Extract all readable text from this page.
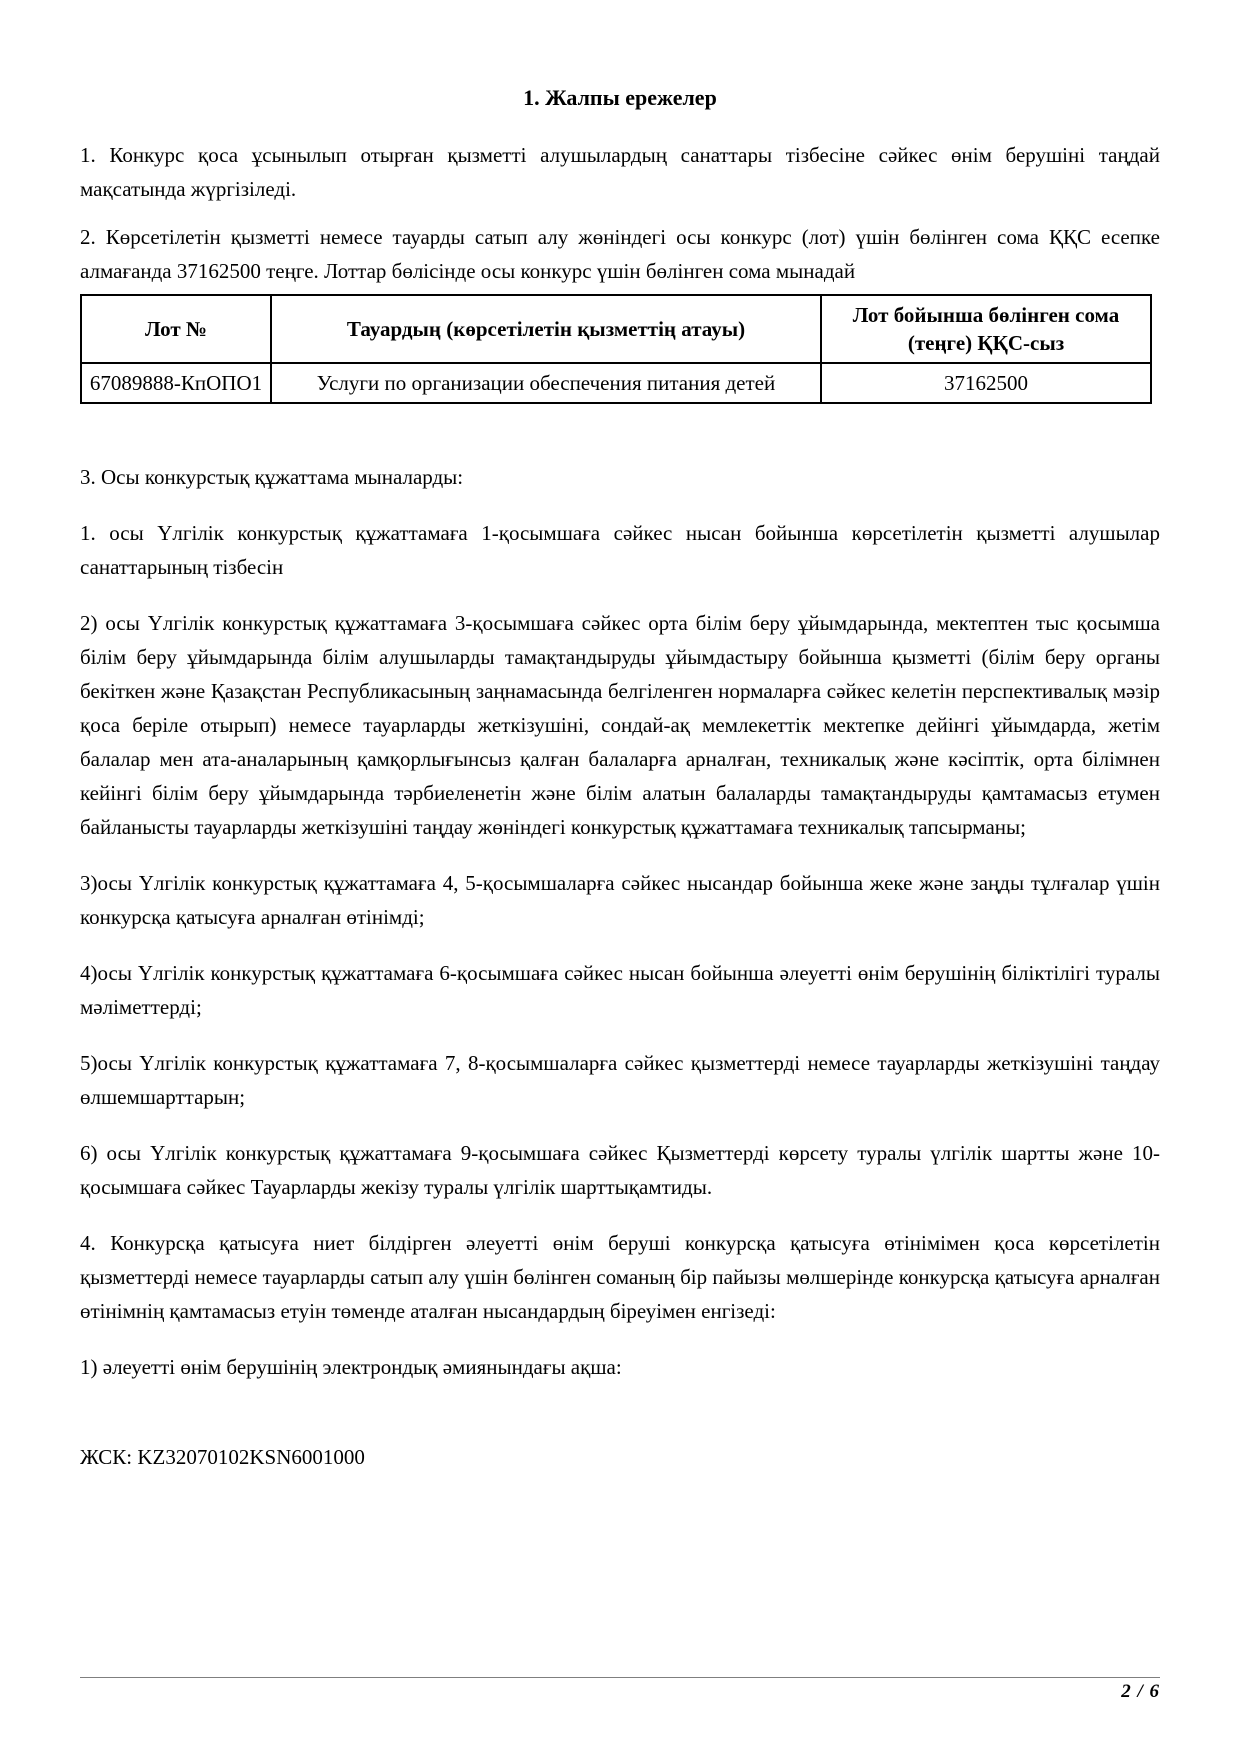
1. Жалпы ережелер

1. Конкурс қоса ұсынылып отырған қызметті алушылардың санаттары тізбесіне сәйкес өнім берушіні таңдай мақсатында жүргізіледі.

2. Көрсетілетін қызметті немесе тауарды сатып алу жөніндегі осы конкурс (лот) үшін бөлінген сома ҚҚС есепке алмағанда 37162500 теңге. Лоттар бөлісінде осы конкурс үшін бөлінген сома мынадай

Лот №	Тауардың (көрсетілетін қызметтің атауы)	Лот бойынша бөлінген сома (теңге) ҚҚС-сыз
67089888-КпОПО1	Услуги по организации обеспечения питания детей	37162500

3. Осы конкурстық құжаттама мыналарды:

1. осы Үлгілік конкурстық құжаттамаға 1-қосымшаға сәйкес нысан бойынша көрсетілетін қызметті алушылар санаттарының тізбесін

2) осы Үлгілік конкурстық құжаттамаға 3-қосымшаға сәйкес орта білім беру ұйымдарында, мектептен тыс қосымша білім беру ұйымдарында білім алушыларды тамақтандыруды ұйымдастыру бойынша қызметті (білім беру органы бекіткен және Қазақстан Республикасының заңнамасында белгіленген нормаларға сәйкес келетін перспективалық мәзір қоса беріле отырып) немесе тауарларды жеткізушіні, сондай-ақ мемлекеттік мектепке дейінгі ұйымдарда, жетім балалар мен ата-аналарының қамқорлығынсыз қалған балаларға арналған, техникалық және кәсіптік, орта білімнен кейінгі білім беру ұйымдарында тәрбиеленетін және білім алатын балаларды тамақтандыруды қамтамасыз етумен байланысты тауарларды жеткізушіні таңдау жөніндегі конкурстық құжаттамаға техникалық тапсырманы;

3)осы Үлгілік конкурстық құжаттамаға 4, 5-қосымшаларға сәйкес нысандар бойынша жеке және заңды тұлғалар үшін конкурсқа қатысуға арналған өтінімді;

4)осы Үлгілік конкурстық құжаттамаға 6-қосымшаға сәйкес нысан бойынша әлеуетті өнім берушінің біліктілігі туралы мәліметтерді;

5)осы Үлгілік конкурстық құжаттамаға 7, 8-қосымшаларға сәйкес қызметтерді немесе тауарларды жеткізушіні таңдау өлшемшарттарын;

6) осы Үлгілік конкурстық құжаттамаға 9-қосымшаға сәйкес Қызметтерді көрсету туралы үлгілік шартты және 10-қосымшаға сәйкес Тауарларды жекізу туралы үлгілік шарттықамтиды.

4. Конкурсқа қатысуға ниет білдірген әлеуетті өнім беруші конкурсқа қатысуға өтінімімен қоса көрсетілетін қызметтерді немесе тауарларды сатып алу үшін бөлінген соманың бір пайызы мөлшерінде конкурсқа қатысуға арналған өтінімнің қамтамасыз етуін төменде аталған нысандардың біреуімен енгізеді:

1) әлеуетті өнім берушінің электрондық әмиянындағы ақша:

ЖСК: KZ32070102KSN6001000

2 / 6
